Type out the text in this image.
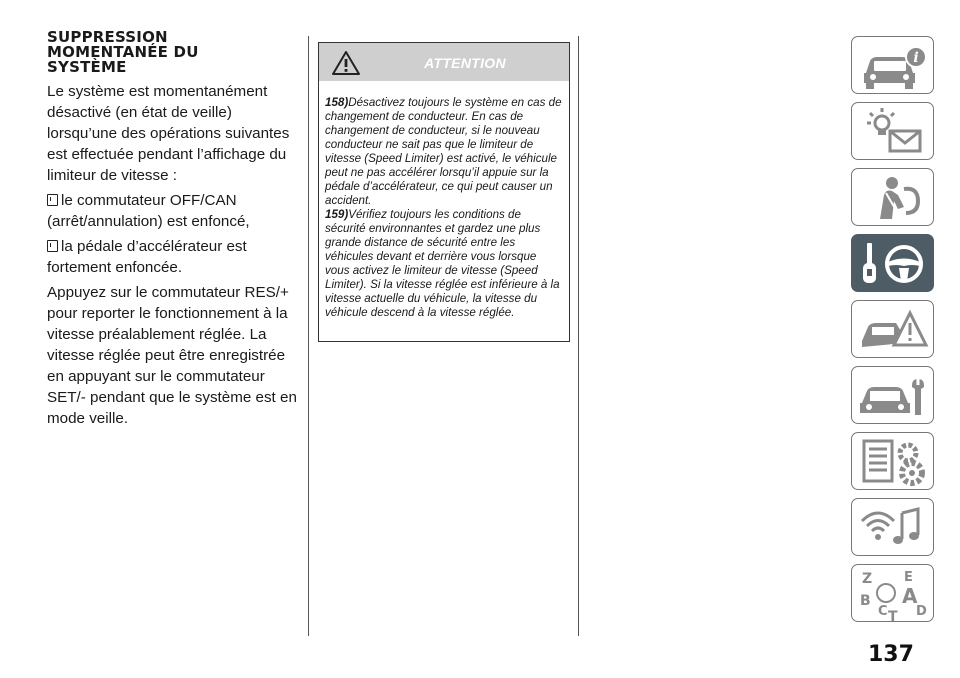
SUPPRESSION
MOMENTANÉE DU
SYSTÈME

Le système est momentanément désactivé (en état de veille) lorsqu’une des opérations suivantes est effectuée pendant l’affichage du limiteur de vitesse :

le commutateur OFF/CAN (arrêt/annulation) est enfoncé,

la pédale d’accélérateur est fortement enfoncée.

Appuyez sur le commutateur RES/+ pour reporter le fonctionnement à la vitesse préalablement réglée. La vitesse réglée peut être enregistrée en appuyant sur le commutateur SET/- pendant que le système est en mode veille.

ATTENTION

158)Désactivez toujours le système en cas de changement de conducteur. En cas de changement de conducteur, si le nouveau conducteur ne sait pas que le limiteur de vitesse (Speed Limiter) est activé, le véhicule peut ne pas accélérer lorsqu’il appuie sur la pédale d’accélérateur, ce qui peut causer un accident.

159)Vérifiez toujours les conditions de sécurité environnantes et gardez une plus grande distance de sécurité entre les véhicules devant et derrière vous lorsque vous activez le limiteur de vitesse (Speed Limiter). Si la vitesse réglée est inférieure à la vitesse actuelle du véhicule, la vitesse du véhicule descend à la vitesse réglée.

i
Z E
B A
C T D
137
